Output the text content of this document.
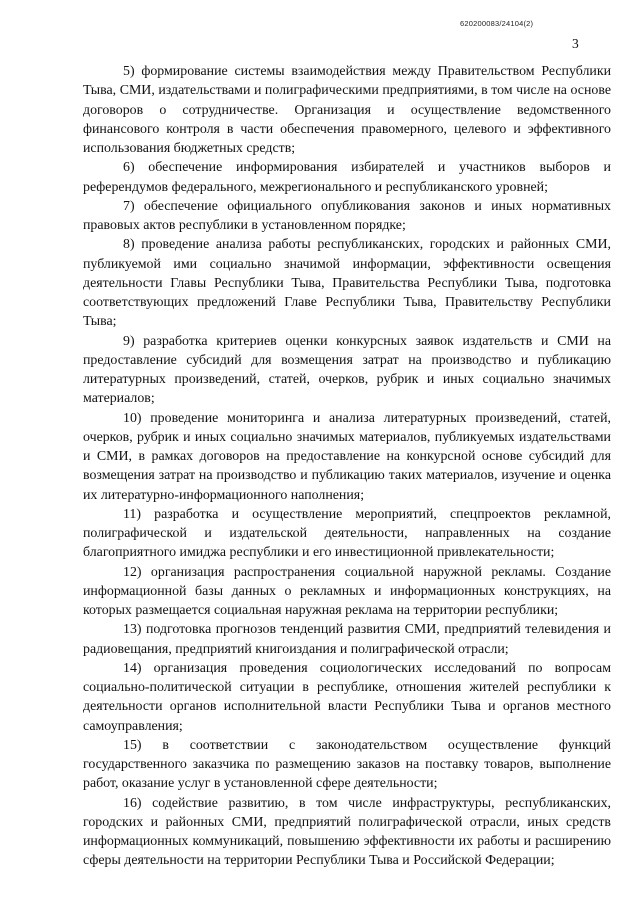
620200083/24104(2)
3

5) формирование системы взаимодействия между Правительством Республики Тыва, СМИ, издательствами и полиграфическими предприятиями, в том числе на основе договоров о сотрудничестве. Организация и осуществление ведомственного финансового контроля в части обеспечения правомерного, целевого и эффективного использования бюджетных средств;

6) обеспечение информирования избирателей и участников выборов и референдумов федерального, межрегионального и республиканского уровней;

7) обеспечение официального опубликования законов и иных нормативных правовых актов республики в установленном порядке;

8) проведение анализа работы республиканских, городских и районных СМИ, публикуемой ими социально значимой информации, эффективности освещения деятельности Главы Республики Тыва, Правительства Республики Тыва, подготовка соответствующих предложений Главе Республики Тыва, Правительству Республики Тыва;

9) разработка критериев оценки конкурсных заявок издательств и СМИ на предоставление субсидий для возмещения затрат на производство и публикацию литературных произведений, статей, очерков, рубрик и иных социально значимых материалов;

10) проведение мониторинга и анализа литературных произведений, статей, очерков, рубрик и иных социально значимых материалов, публикуемых издательствами и СМИ, в рамках договоров на предоставление на конкурсной основе субсидий для возмещения затрат на производство и публикацию таких материалов, изучение и оценка их литературно-информационного наполнения;

11) разработка и осуществление мероприятий, спецпроектов рекламной, полиграфической и издательской деятельности, направленных на создание благоприятного имиджа республики и его инвестиционной привлекательности;

12) организация распространения социальной наружной рекламы. Создание информационной базы данных о рекламных и информационных конструкциях, на которых размещается социальная наружная реклама на территории республики;

13) подготовка прогнозов тенденций развития СМИ, предприятий телевидения и радиовещания, предприятий книгоиздания и полиграфической отрасли;

14) организация проведения социологических исследований по вопросам социально-политической ситуации в республике, отношения жителей республики к деятельности органов исполнительной власти Республики Тыва и органов местного самоуправления;

15) в соответствии с законодательством осуществление функций государственного заказчика по размещению заказов на поставку товаров, выполнение работ, оказание услуг в установленной сфере деятельности;

16) содействие развитию, в том числе инфраструктуры, республиканских, городских и районных СМИ, предприятий полиграфической отрасли, иных средств информационных коммуникаций, повышению эффективности их работы и расширению сферы деятельности на территории Республики Тыва и Российской Федерации;
